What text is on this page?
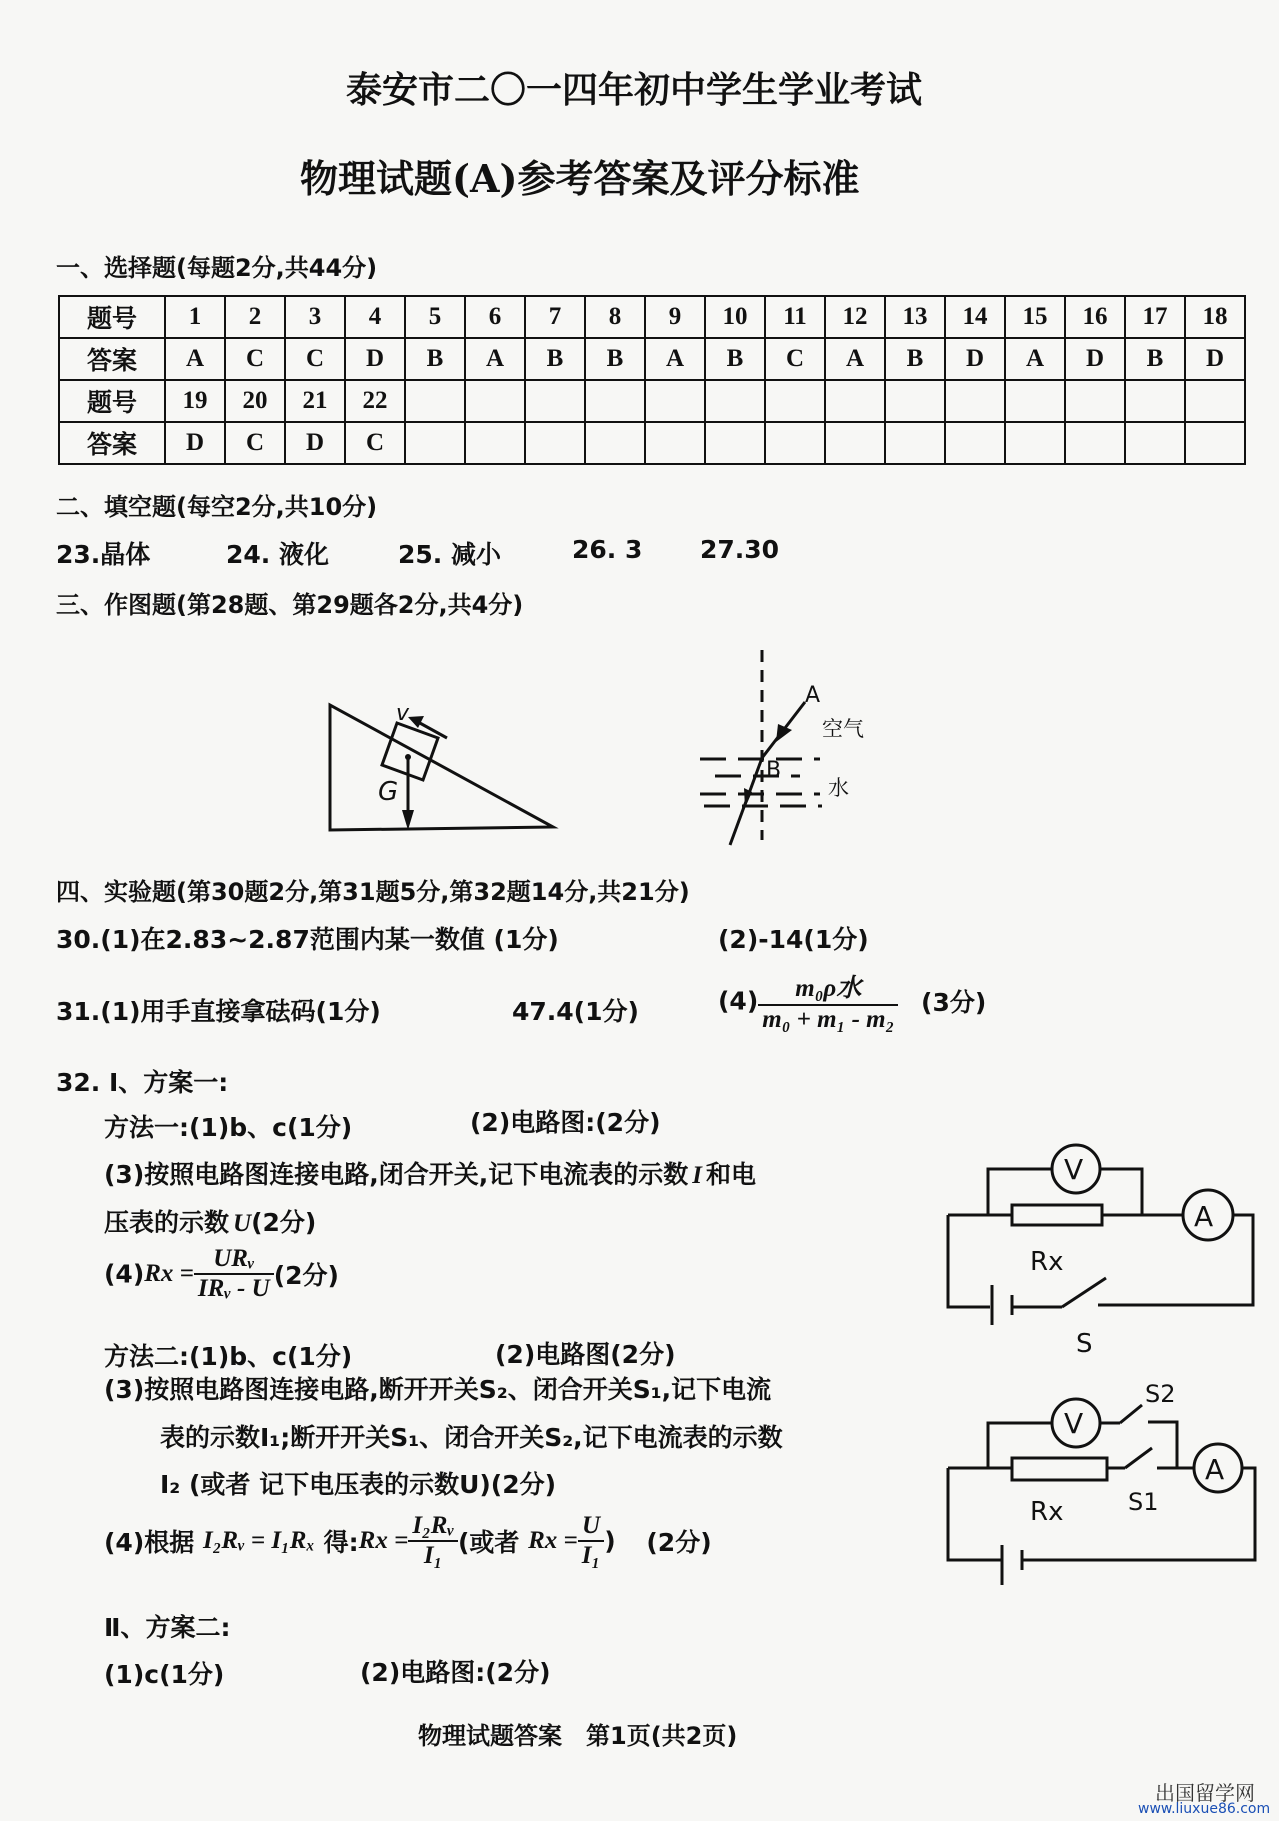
泰安市二〇一四年初中学生学业考试
物理试题(A)参考答案及评分标准
一、选择题(每题2分,共44分)
题号	1	2	3	4	5	6	7	8	9	10	11	12	13	14	15	16	17	18
答案	A	C	C	D	B	A	B	B	A	B	C	A	B	D	A	D	B	D
题号	19	20	21	22														
答案	D	C	D	C														
二、填空题(每空2分,共10分)
23.晶体	24. 液化	25. 减小	26. 3 27.30
三、作图题(第28题、第29题各2分,共4分)
v
G
A
B
空气
水
四、实验题(第30题2分,第31题5分,第32题14分,共21分)
30.(1)在2.83~2.87范围内某一数值 (1分)	(2)-14(1分)
31.(1)用手直接拿砝码(1分)	47.4(1分)	$(4) \frac{\text{m₀ρ水}}{\text{m₀ + m₁ - m₂}} (3$分)
32. Ⅰ、方案一:
方法一:(1)b、c(1分)	(2)电路图:(2分)
(3)按照电路图连接电路,闭合开关,记下电流表的示数 I 和电
压表的示数 U(2分)
$(4)Rx = \frac{\text{URᵥ}}{\text{IRᵥ - U}} (2$分)
方法二:(1)b、c(1分)	(2)电路图(2分)
(3)按照电路图连接电路,断开开关S₂、闭合开关S₁,记下电流
表的示数I₁;断开开关S₁、闭合开关S₂,记下电流表的示数
I₂ (或者 记下电压表的示数U)(2分)
(4)根据 I₂Rᵥ = I₁Rₓ 得:Rx = $\frac{\text{I₂Rᵥ}}{\text{I₁}}$ (或者 $Rx = \frac{U}{\text{I₁}}$ ) (2分)
Ⅱ、方案二:
(1)c(1分)	(2)电路图:(2分)
V
A
Rx
S
V
A
Rx	S1
S2
物理试题答案　第1页(共2页)
出国留学网
www.liuxue86.com
